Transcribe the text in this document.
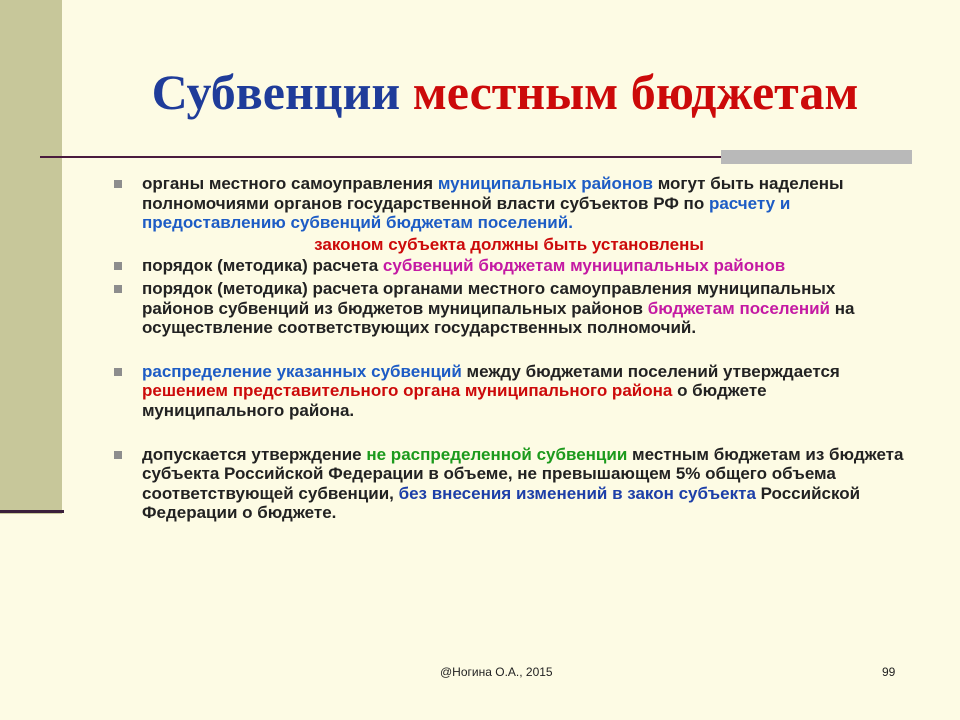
Субвенции местным бюджетам

органы местного самоуправления муниципальных районов могут быть наделены полномочиями органов государственной власти субъектов РФ по расчету и предоставлению субвенций бюджетам поселений.

законом субъекта должны быть установлены

порядок (методика) расчета субвенций бюджетам муниципальных районов

порядок (методика) расчета органами местного самоуправления муниципальных районов субвенций из бюджетов муниципальных районов бюджетам поселений на осуществление соответствующих государственных полномочий.

распределение указанных субвенций между бюджетами поселений утверждается решением представительного органа муниципального района о бюджете муниципального района.

допускается утверждение не распределенной субвенции местным бюджетам из бюджета субъекта Российской Федерации в объеме, не превышающем 5% общего объема соответствующей субвенции, без внесения изменений в закон субъекта Российской Федерации о бюджете.

@Ногина О.А., 2015	99
